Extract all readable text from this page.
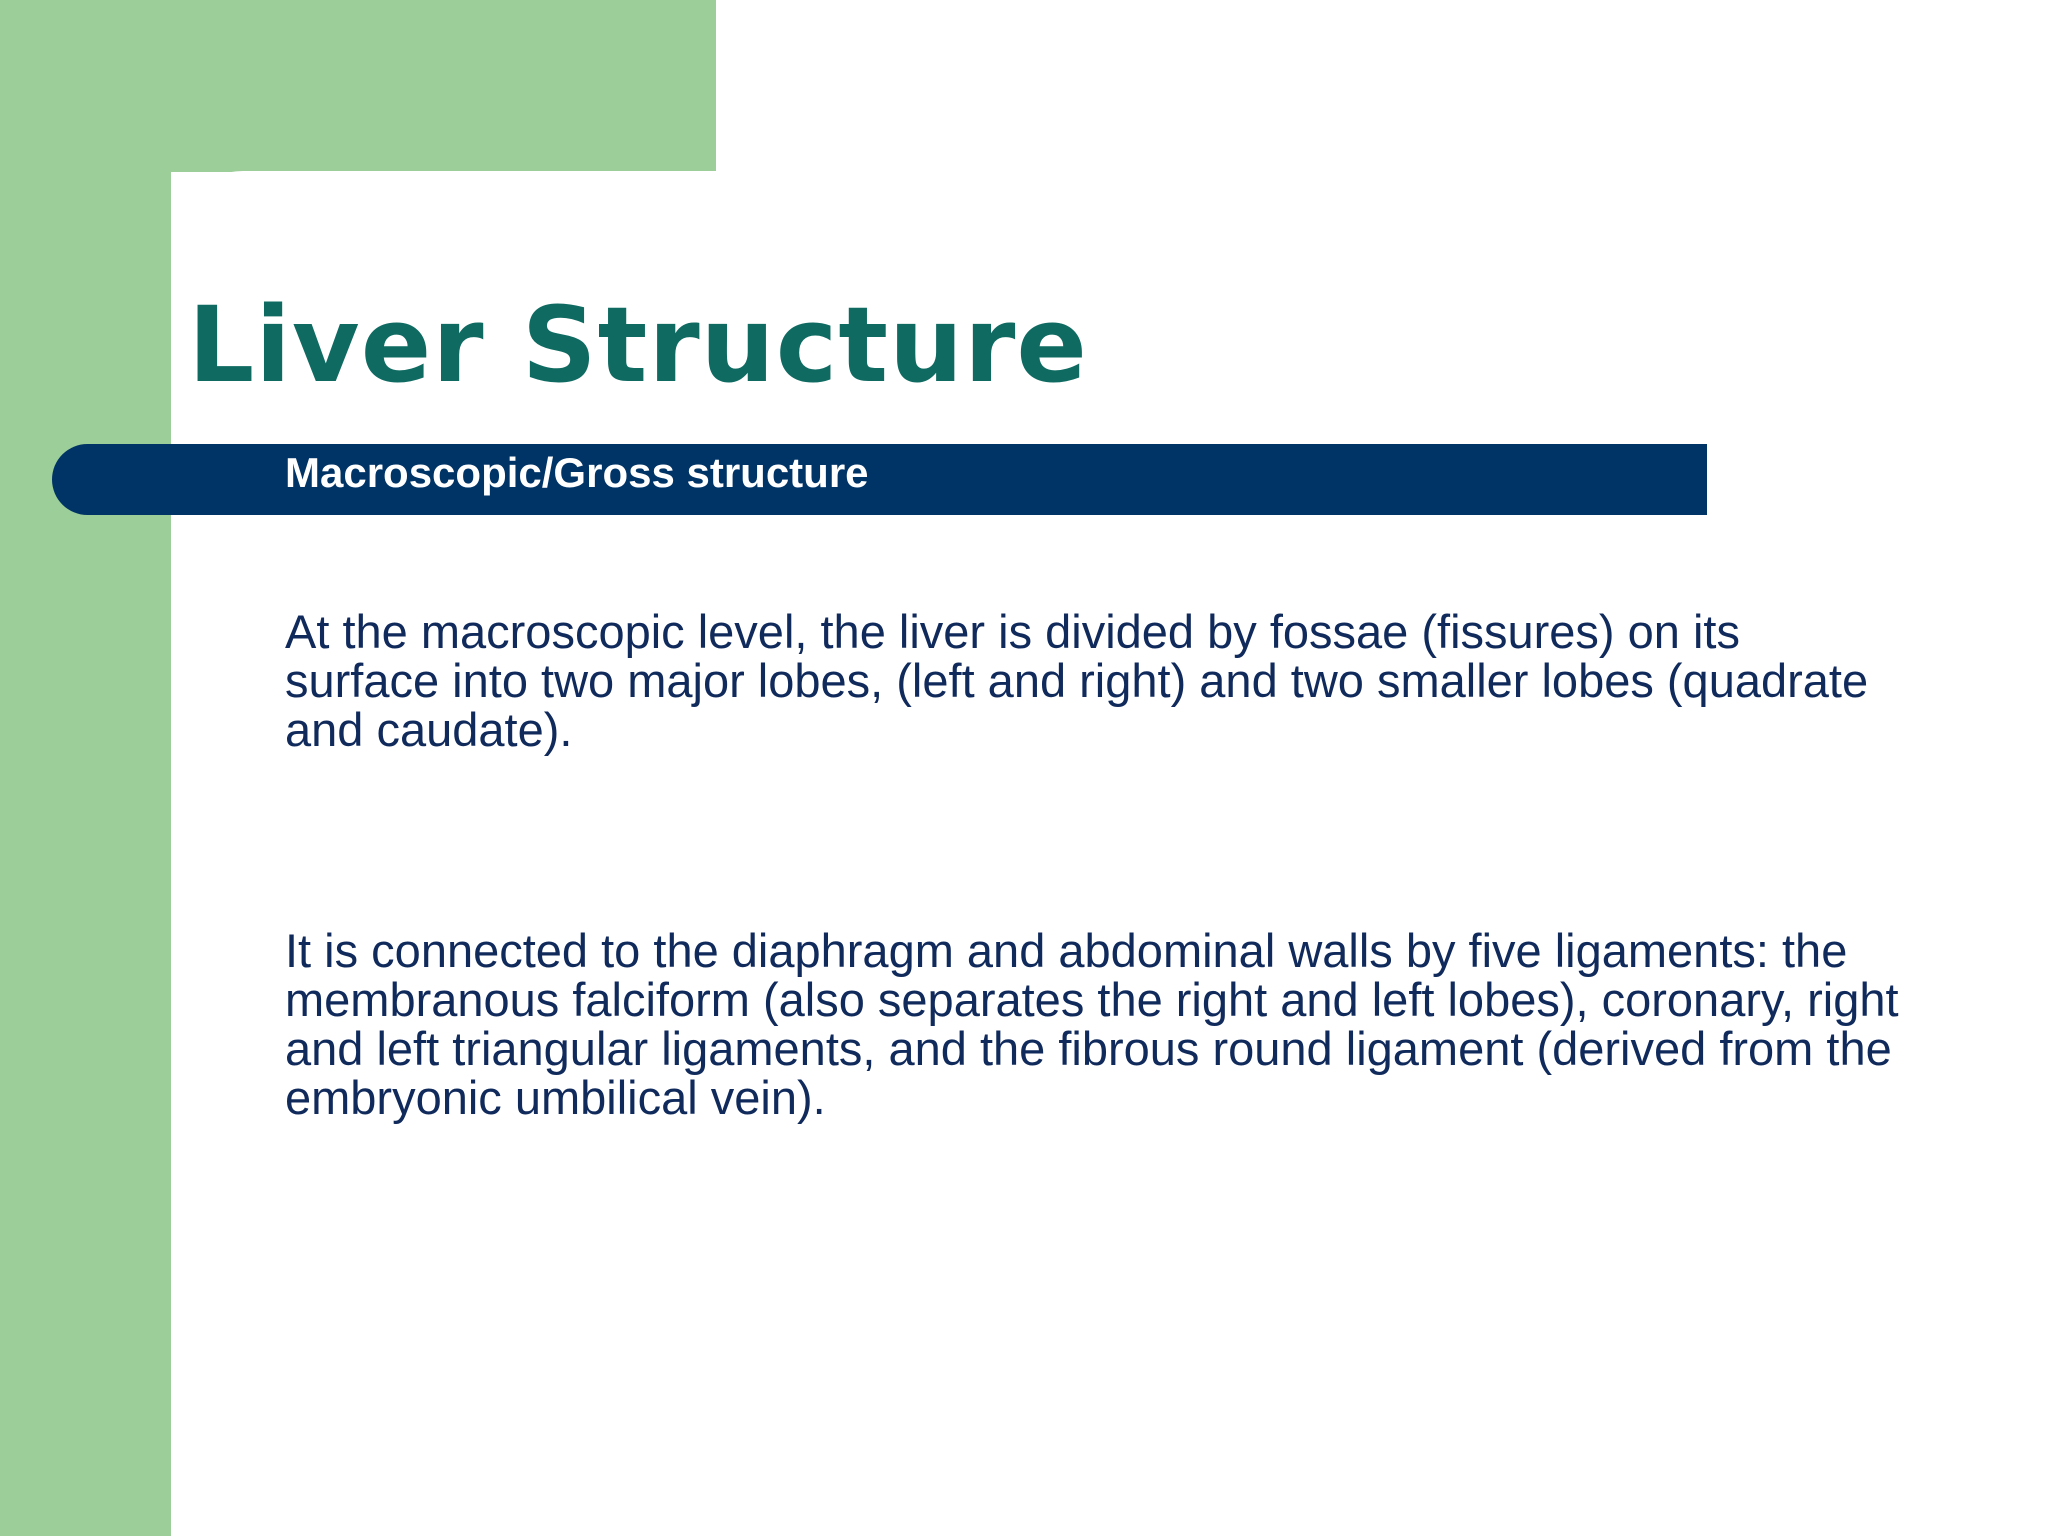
Liver Structure
Macroscopic/Gross structure

At the macroscopic level, the liver is divided by fossae (fissures) on its surface into two major lobes, (left and right) and two smaller lobes (quadrate and caudate).

It is connected to the diaphragm and abdominal walls by five ligaments: the membranous falciform (also separates the right and left lobes), coronary, right and left triangular ligaments, and the fibrous round ligament (derived from the embryonic umbilical vein).
